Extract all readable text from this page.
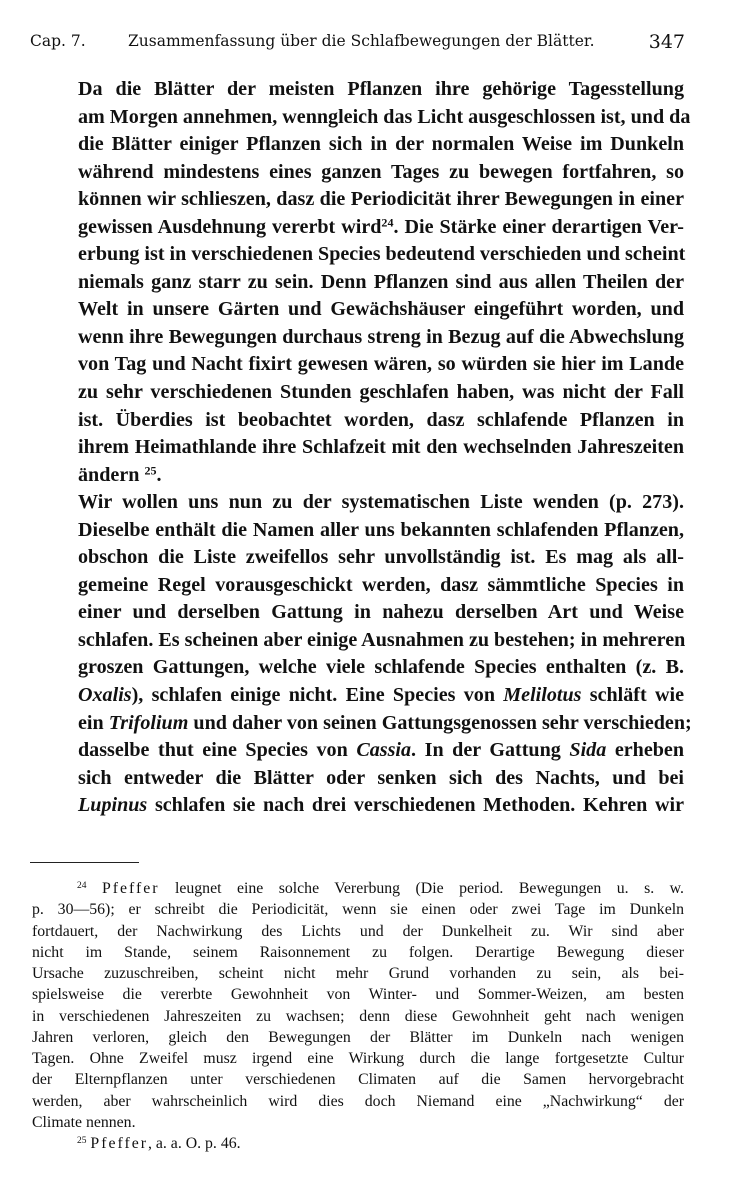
Cap. 7.	Zusammenfassung über die Schlafbewegungen der Blätter.	347

Da die Blätter der meisten Pflanzen ihre gehörige Tagesstellung
am Morgen annehmen, wenngleich das Licht ausgeschlossen ist, und da
die Blätter einiger Pflanzen sich in der normalen Weise im Dunkeln
während mindestens eines ganzen Tages zu bewegen fortfahren, so
können wir schlieszen, dasz die Periodicität ihrer Bewegungen in einer
gewissen Ausdehnung vererbt wird$^{24}$. Die Stärke einer derartigen Ver-
erbung ist in verschiedenen Species bedeutend verschieden und scheint
niemals ganz starr zu sein. Denn Pflanzen sind aus allen Theilen der
Welt in unsere Gärten und Gewächshäuser eingeführt worden, und
wenn ihre Bewegungen durchaus streng in Bezug auf die Abwechslung
von Tag und Nacht fixirt gewesen wären, so würden sie hier im Lande
zu sehr verschiedenen Stunden geschlafen haben, was nicht der Fall
ist. Überdies ist beobachtet worden, dasz schlafende Pflanzen in
ihrem Heimathlande ihre Schlafzeit mit den wechselnden Jahreszeiten
ändern $^{25}$.

Wir wollen uns nun zu der systematischen Liste wenden (p. 273).
Dieselbe enthält die Namen aller uns bekannten schlafenden Pflanzen,
obschon die Liste zweifellos sehr unvollständig ist. Es mag als all-
gemeine Regel vorausgeschickt werden, dasz sämmtliche Species in
einer und derselben Gattung in nahezu derselben Art und Weise
schlafen. Es scheinen aber einige Ausnahmen zu bestehen; in mehreren
groszen Gattungen, welche viele schlafende Species enthalten (z. B.
Oxalis), schlafen einige nicht. Eine Species von Melilotus schläft wie
ein Trifolium und daher von seinen Gattungsgenossen sehr verschieden;
dasselbe thut eine Species von Cassia. In der Gattung Sida erheben
sich entweder die Blätter oder senken sich des Nachts, und bei
Lupinus schlafen sie nach drei verschiedenen Methoden. Kehren wir

$^{24}$ Pfeffer leugnet eine solche Vererbung (Die period. Bewegungen u. s. w.
p. 30—56); er schreibt die Periodicität, wenn sie einen oder zwei Tage im Dunkeln
fortdauert, der Nachwirkung des Lichts und der Dunkelheit zu. Wir sind aber
nicht im Stande, seinem Raisonnement zu folgen. Derartige Bewegung dieser
Ursache zuzuschreiben, scheint nicht mehr Grund vorhanden zu sein, als bei-
spielsweise die vererbte Gewohnheit von Winter- und Sommer-Weizen, am besten
in verschiedenen Jahreszeiten zu wachsen; denn diese Gewohnheit geht nach wenigen
Jahren verloren, gleich den Bewegungen der Blätter im Dunkeln nach wenigen
Tagen. Ohne Zweifel musz irgend eine Wirkung durch die lange fortgesetzte Cultur
der Elternpflanzen unter verschiedenen Climaten auf die Samen hervorgebracht
werden, aber wahrscheinlich wird dies doch Niemand eine „Nachwirkung“ der
Climate nennen.

$^{25}$ Pfeffer, a. a. O. p. 46.
